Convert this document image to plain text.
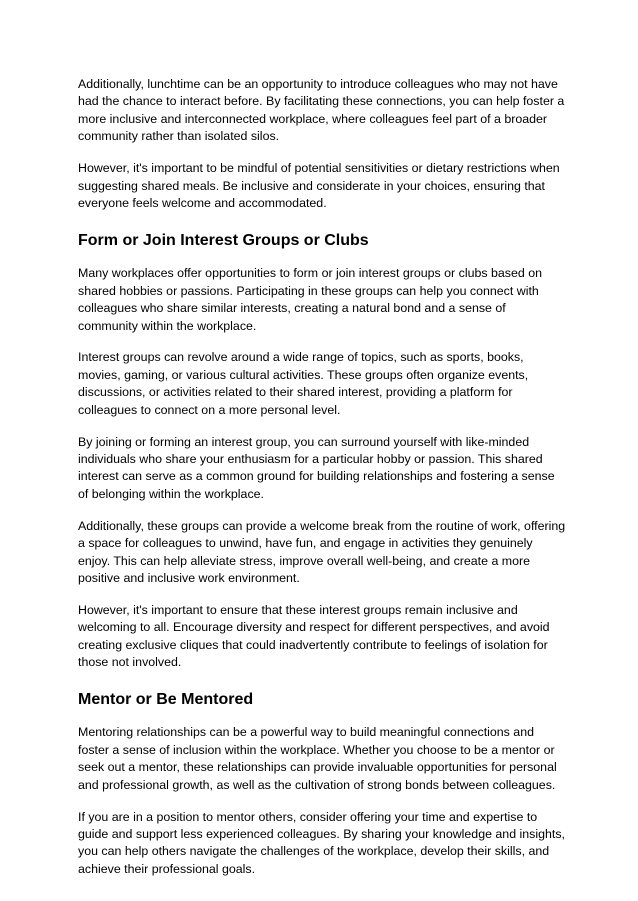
Additionally, lunchtime can be an opportunity to introduce colleagues who may not have had the chance to interact before. By facilitating these connections, you can help foster a more inclusive and interconnected workplace, where colleagues feel part of a broader community rather than isolated silos.

However, it's important to be mindful of potential sensitivities or dietary restrictions when suggesting shared meals. Be inclusive and considerate in your choices, ensuring that everyone feels welcome and accommodated.

Form or Join Interest Groups or Clubs

Many workplaces offer opportunities to form or join interest groups or clubs based on shared hobbies or passions. Participating in these groups can help you connect with colleagues who share similar interests, creating a natural bond and a sense of community within the workplace.

Interest groups can revolve around a wide range of topics, such as sports, books, movies, gaming, or various cultural activities. These groups often organize events, discussions, or activities related to their shared interest, providing a platform for colleagues to connect on a more personal level.

By joining or forming an interest group, you can surround yourself with like-minded individuals who share your enthusiasm for a particular hobby or passion. This shared interest can serve as a common ground for building relationships and fostering a sense of belonging within the workplace.

Additionally, these groups can provide a welcome break from the routine of work, offering a space for colleagues to unwind, have fun, and engage in activities they genuinely enjoy. This can help alleviate stress, improve overall well-being, and create a more positive and inclusive work environment.

However, it's important to ensure that these interest groups remain inclusive and welcoming to all. Encourage diversity and respect for different perspectives, and avoid creating exclusive cliques that could inadvertently contribute to feelings of isolation for those not involved.

Mentor or Be Mentored

Mentoring relationships can be a powerful way to build meaningful connections and foster a sense of inclusion within the workplace. Whether you choose to be a mentor or seek out a mentor, these relationships can provide invaluable opportunities for personal and professional growth, as well as the cultivation of strong bonds between colleagues.

If you are in a position to mentor others, consider offering your time and expertise to guide and support less experienced colleagues. By sharing your knowledge and insights, you can help others navigate the challenges of the workplace, develop their skills, and achieve their professional goals.
